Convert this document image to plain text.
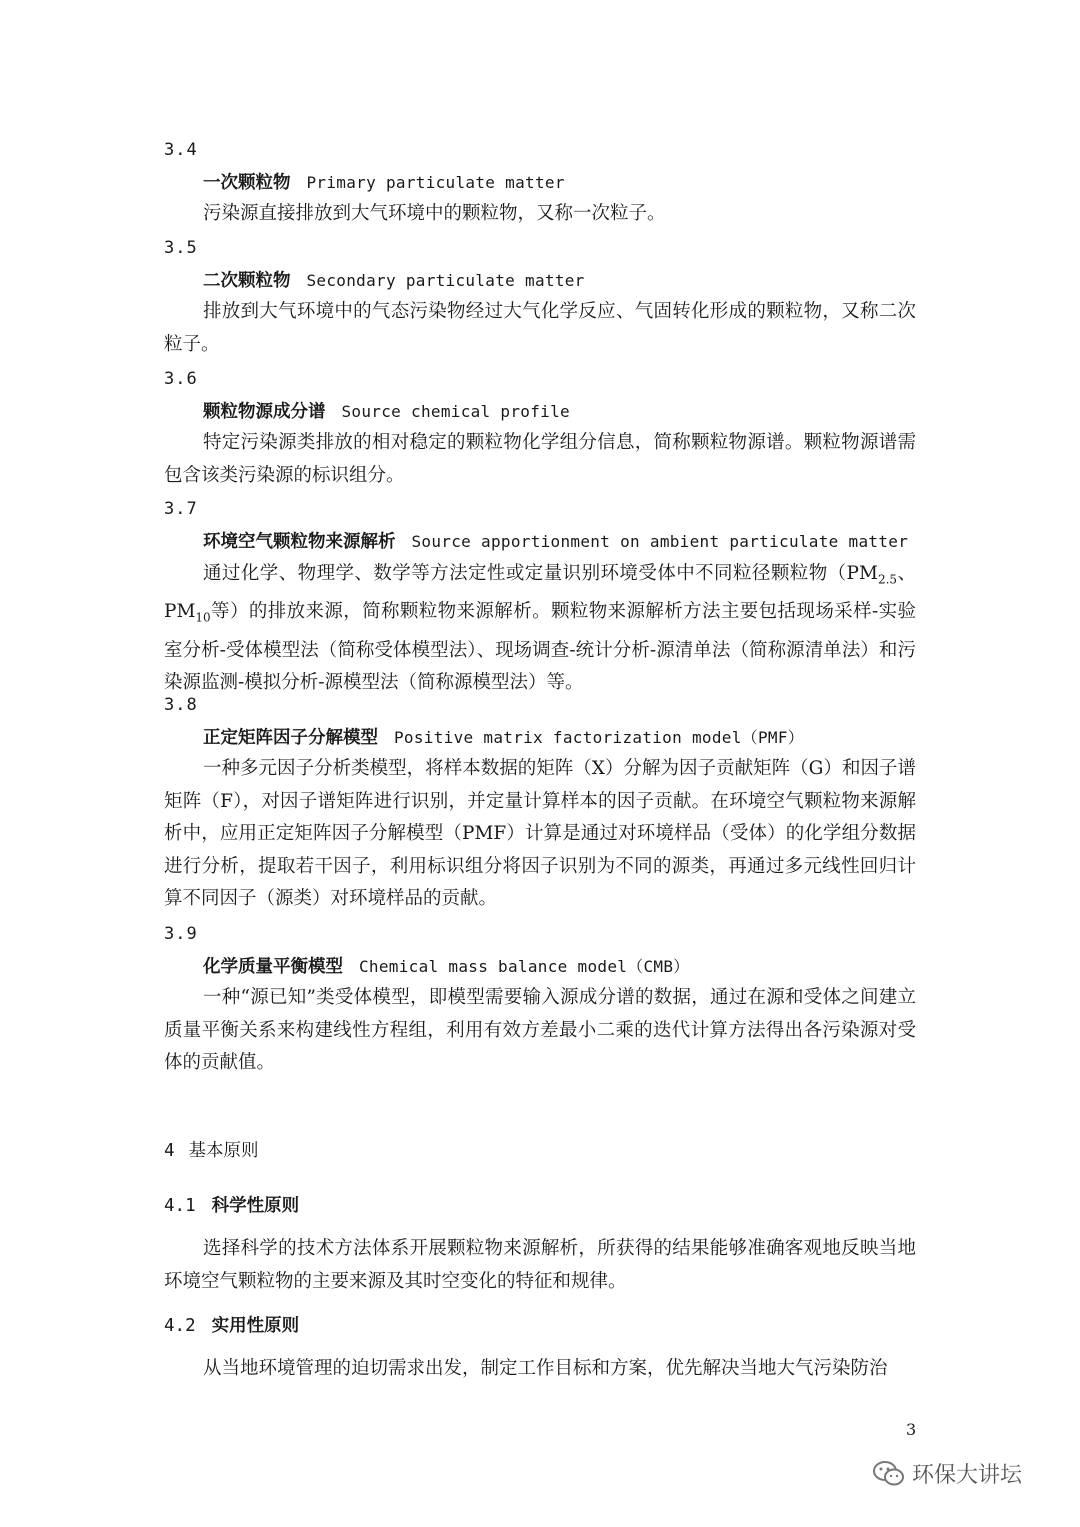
3.4
一次颗粒物 Primary particulate matter
污染源直接排放到大气环境中的颗粒物，又称一次粒子。
3.5
二次颗粒物 Secondary particulate matter
排放到大气环境中的气态污染物经过大气化学反应、气固转化形成的颗粒物，又称二次粒子。
3.6
颗粒物源成分谱 Source chemical profile
特定污染源类排放的相对稳定的颗粒物化学组分信息，简称颗粒物源谱。颗粒物源谱需包含该类污染源的标识组分。
3.7
环境空气颗粒物来源解析 Source apportionment on ambient particulate matter
通过化学、物理学、数学等方法定性或定量识别环境受体中不同粒径颗粒物（$PM_{2.5}$、$PM_{10}$等）的排放来源，简称颗粒物来源解析。颗粒物来源解析方法主要包括现场采样-实验室分析-受体模型法（简称受体模型法）、现场调查-统计分析-源清单法（简称源清单法）和污染源监测-模拟分析-源模型法（简称源模型法）等。
3.8
正定矩阵因子分解模型 Positive matrix factorization model（PMF）
一种多元因子分析类模型，将样本数据的矩阵（X）分解为因子贡献矩阵（G）和因子谱矩阵（F），对因子谱矩阵进行识别，并定量计算样本的因子贡献。在环境空气颗粒物来源解析中，应用正定矩阵因子分解模型（PMF）计算是通过对环境样品（受体）的化学组分数据进行分析，提取若干因子，利用标识组分将因子识别为不同的源类，再通过多元线性回归计算不同因子（源类）对环境样品的贡献。
3.9
化学质量平衡模型 Chemical mass balance model（CMB）
一种“源已知”类受体模型，即模型需要输入源成分谱的数据，通过在源和受体之间建立质量平衡关系来构建线性方程组，利用有效方差最小二乘的迭代计算方法得出各污染源对受体的贡献值。
4 基本原则
4.1 科学性原则
选择科学的技术方法体系开展颗粒物来源解析，所获得的结果能够准确客观地反映当地环境空气颗粒物的主要来源及其时空变化的特征和规律。
4.2 实用性原则
从当地环境管理的迫切需求出发，制定工作目标和方案，优先解决当地大气污染防治
3
环保大讲坛
